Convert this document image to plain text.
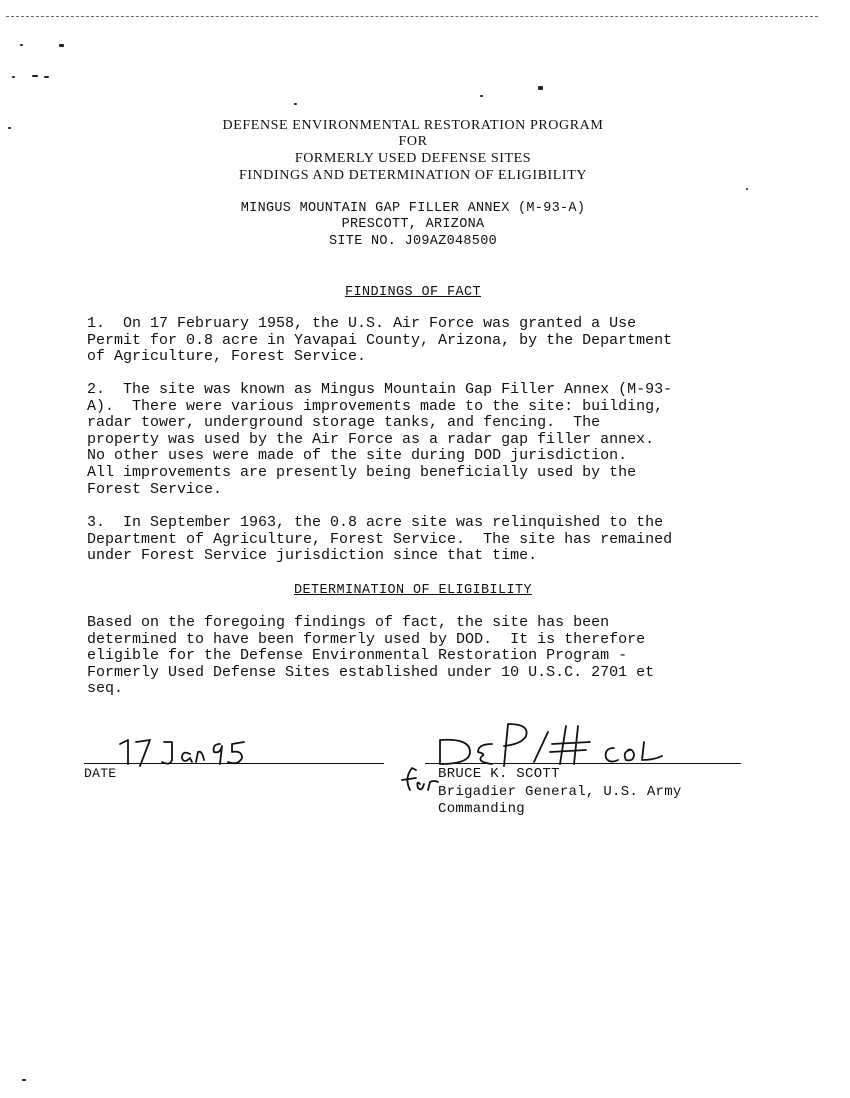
DEFENSE ENVIRONMENTAL RESTORATION PROGRAM
FOR
FORMERLY USED DEFENSE SITES
FINDINGS AND DETERMINATION OF ELIGIBILITY
MINGUS MOUNTAIN GAP FILLER ANNEX (M-93-A)
PRESCOTT, ARIZONA
SITE NO. J09AZ048500
FINDINGS OF FACT
1.  On 17 February 1958, the U.S. Air Force was granted a Use
Permit for 0.8 acre in Yavapai County, Arizona, by the Department
of Agriculture, Forest Service.
2.  The site was known as Mingus Mountain Gap Filler Annex (M-93-
A).  There were various improvements made to the site: building,
radar tower, underground storage tanks, and fencing.  The
property was used by the Air Force as a radar gap filler annex.
No other uses were made of the site during DOD jurisdiction.
All improvements are presently being beneficially used by the
Forest Service.
3.  In September 1963, the 0.8 acre site was relinquished to the
Department of Agriculture, Forest Service.  The site has remained
under Forest Service jurisdiction since that time.
DETERMINATION OF ELIGIBILITY
Based on the foregoing findings of fact, the site has been
determined to have been formerly used by DOD.  It is therefore
eligible for the Defense Environmental Restoration Program -
Formerly Used Defense Sites established under 10 U.S.C. 2701 et
seq.
DATE	BRUCE K. SCOTT
Brigadier General, U.S. Army
Commanding
